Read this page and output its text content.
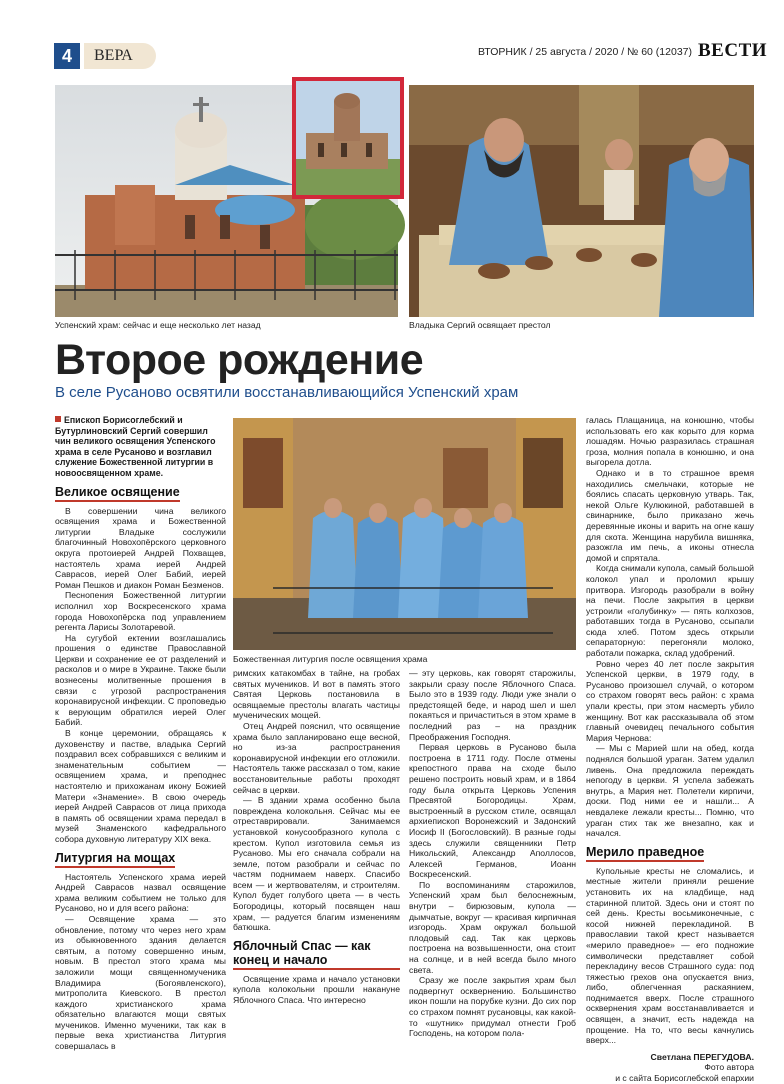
4	ВЕРА	ВТОРНИК / 25 августа / 2020 / № 60 (12037) ВЕСТИ
Успенский храм: сейчас и еще несколько лет назад	Владыка Сергий освящает престол
Второе рождение
В селе Русаново освятили восстанавливающийся Успенский храм
Епископ Борисоглебский и Бутурлиновский Сергий совершил чин великого освящения Успенского храма в селе Русаново и возглавил служение Божественной литургии в новоосвященном храме.
Великое освящение

В совершении чина великого освящения храма и Божественной литургии Владыке сослужили благочинный Новохопёрского церковного округа протоиерей Андрей Похващев, настоятель храма иерей Андрей Савраcов, иерей Олег Бабий, иерей Роман Пешков и диакон Роман Безменов.

Песнопения Божественной литургии исполнил хор Воскресенского храма города Новохопёрска под управлением регента Ларисы Золотаревой.

На сугубой ектении возглашались прошения о единстве Православной Церкви и сохранение ее от разделений и расколов и о мире в Украине. Также были вознесены молитвенные прошения в связи с угрозой распространения коронавирусной инфекции. С проповедью к верующим обратился иерей Олег Бабий.

В конце церемонии, обращаясь к духовенству и пастве, владыка Сергий поздравил всех собравшихся с великим и знаменательным событием — освящением храма, и преподнес настоятелю и прихожанам икону Божией Матери «Знамение». В свою очередь иерей Андрей Савраcов от лица прихода в память об освящении храма передал в музей Знаменского кафедрального собора духовную литературу XIX века.

Литургия на мощах

Настоятель Успенского храма иерей Андрей Савраcов назвал освящение храма великим событием не только для Русаново, но и для всего района:

— Освящение храма — это обновление, потому что через него храм из обыкновенного здания делается святым, а потому совершенно иным, новым. В престол этого храма мы заложили мощи священномученика Владимира (Богоявленского), митрополита Киевского. В престол каждого христианского храма обязательно влагаются мощи святых мучеников. Именно мученики, так как в первые века христианства Литургия совершалась в

Божественная литургия после освящения храма

римских катакомбах в тайне, на гробах святых мучеников. И вот в память этого Святая Церковь постановила в освящаемые престолы влагать частицы мученических мощей.

Отец Андрей пояснил, что освящение храма было запланировано еще весной, но из-за распространения коронавирусной инфекции его отложили. Настоятель также рассказал о том, какие восстановительные работы проходят сейчас в церкви.

— В здании храма особенно была повреждена колокольня. Сейчас мы ее отреставрировали. Занимаемся установкой конусообразного купола с крестом. Купол изготовила семья из Русаново. Мы его сначала собрали на земле, потом разобрали и сейчас по частям поднимаем наверх. Спасибо всем — и жертвователям, и строителям. Купол будет голубого цвета — в честь Богородицы, который посвящен наш храм, — радуется благим изменениям батюшка.

Яблочный Спас — как конец и начало

Освящение храма и начало установки купола колокольни прошли накануне Яблочного Спаса. Что интересно

— эту церковь, как говорят старожилы, закрыли сразу после Яблочного Спаса. Было это в 1939 году. Люди уже знали о предстоящей беде, и народ шел и шел покаяться и причаститься в этом храме в последний раз – на праздник Преображения Господня.

Первая церковь в Русаново была построена в 1711 году. После отмены крепостного права на сходе было решено построить новый храм, и в 1864 году была открыта Церковь Успения Пресвятой Богородицы. Храм, выстроенный в русском стиле, освящал архиепископ Воронежский и Задонский Иосиф II (Богословский). В разные годы здесь служили священники Петр Никольский, Александр Аполлосов, Алексей Германов, Иоанн Воскресенский.

По воспоминаниям старожилов, Успенский храм был белоснежным, внутри – бирюзовым, купола — дымчатые, вокруг — красивая кирпичная изгородь. Храм окружал большой плодовый сад. Так как церковь построена на возвышенности, она стоит на солнце, и в ней всегда было много света.

Сразу же после закрытия храм был подвергнут осквернению. Большинство икон пошли на порубке кузни. До сих пор со страхом помнят русановцы, как какой-то «шутник» придумал отнести Гроб Господень, на котором пола-

галась Плащаница, на конюшню, чтобы использовать его как корыто для корма лошадям. Ночью разразилась страшная гроза, молния попала в конюшню, и она выгорела дотла.

Однако и в то страшное время находились смельчаки, которые не боялись спасать церковную утварь. Так, некой Ольге Кулюкиной, работавшей в свинарнике, было приказано жечь деревянные иконы и варить на огне кашу для скота. Женщина нарубила вишняка, разожгла им печь, а иконы отнесла домой и спрятала.

Когда снимали купола, самый большой колокол упал и проломил крышу притвора. Изгородь разобрали в войну на печи. После закрытия в церкви устроили «голубинку» — пять колхозов, работавших тогда в Русаново, ссыпали сюда хлеб. Потом здесь открыли сепараторную: перегоняли молоко, работали пожарка, склад удобрений.

Ровно через 40 лет после закрытия Успенской церкви, в 1979 году, в Русаново произошел случай, о котором со страхом говорят весь район: с храма упали кресты, при этом насмерть убило женщину. Вот как рассказывала об этом главный очевидец печального события Мария Чернова:

— Мы с Марией шли на обед, когда поднялся большой ураган. Затем удалил ливень. Она предложила переждать непогоду в церкви. Я успела забежать внутрь, а Мария нет. Полетели кирпичи, доски. Под ними ее и нашли... А невдалеке лежали кресты... Помню, что ураган стих так же внезапно, как и начался.

Мерило праведное

Купольные кресты не сломались, и местные жители приняли решение установить их на кладбище, над старинной плитой. Здесь они и стоят по сей день. Кресты восьмиконечные, с косой нижней перекладиной. В православии такой крест называется «мерило праведное» — его подножие символически представляет собой перекладину весов Страшного суда: под тяжестью грехов она опускается вниз, либо, облегченная раскаянием, поднимается вверх. После страшного осквернения храм восстанавливается и освящен, а значит, есть надежда на прощение. На то, что весы качнулись вверх...

Светлана ПЕРЕГУДОВА.
Фото автора
и с сайта Борисоглебской епархии
